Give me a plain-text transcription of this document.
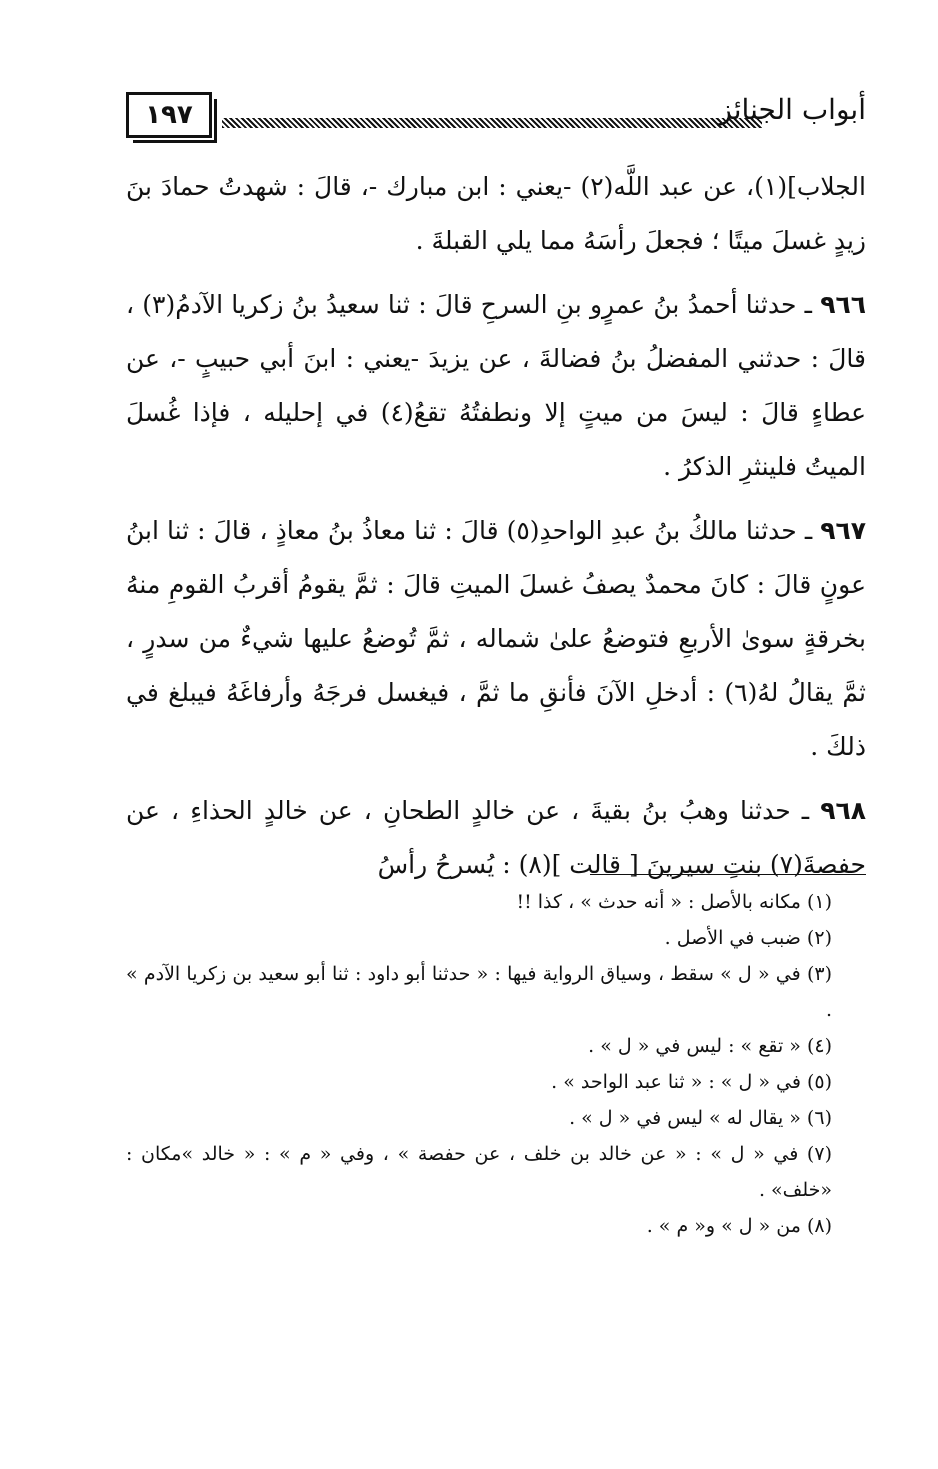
١٩٧	أبواب الجنائز

الجلاب](١)، عن عبد اللَّه(٢) -يعني : ابن مبارك -، قالَ : شهدتُ حمادَ بنَ زيدٍ غسلَ ميتًا ؛ فجعلَ رأسَهُ مما يلي القبلةَ .

٩٦٦ ـ حدثنا أحمدُ بنُ عمرٍو بنِ السرحِ قالَ : ثنا سعيدُ بنُ زكريا الآدمُ(٣) ، قالَ : حدثني المفضلُ بنُ فضالةَ ، عن يزيدَ -يعني : ابنَ أبي حبيبٍ -، عن عطاءٍ قالَ : ليسَ من ميتٍ إلا ونطفتُهُ تقعُ(٤) في إحليله ، فإذا غُسلَ الميتُ فلينثرِ الذكرُ .

٩٦٧ ـ حدثنا مالكُ بنُ عبدِ الواحدِ(٥) قالَ : ثنا معاذُ بنُ معاذٍ ، قالَ : ثنا ابنُ عونٍ قالَ : كانَ محمدٌ يصفُ غسلَ الميتِ قالَ : ثمَّ يقومُ أقربُ القومِ منهُ بخرقةٍ سوىٰ الأربعِ فتوضعُ علىٰ شماله ، ثمَّ تُوضعُ عليها شيءٌ من سدرٍ ، ثمَّ يقالُ لهُ(٦) : أدخلِ الآنَ فأنقِ ما ثمَّ ، فيغسل فرجَهُ وأرفاغَهُ فيبلغ في ذلكَ .

٩٦٨ ـ حدثنا وهبُ بنُ بقيةَ ، عن خالدٍ الطحانِ ، عن خالدٍ الحذاءِ ، عن حفصةَ(٧) بنتِ سيرينَ [ قالت ](٨) : يُسرحُ رأسُ

(١) مكانه بالأصل : « أنه حدث » ، كذا !!

(٢) ضبب في الأصل .

(٣) في « ل » سقط ، وسياق الرواية فيها : « حدثنا أبو داود : ثنا أبو سعيد بن زكريا الآدم » .

(٤) « تقع » : ليس في « ل » .

(٥) في « ل » : « ثنا عبد الواحد » .

(٦) « يقال له » ليس في « ل » .

(٧) في « ل » : « عن خالد بن خلف ، عن حفصة » ، وفي « م » : « خالد »مكان : «خلف» .

(٨) من « ل » و« م » .
